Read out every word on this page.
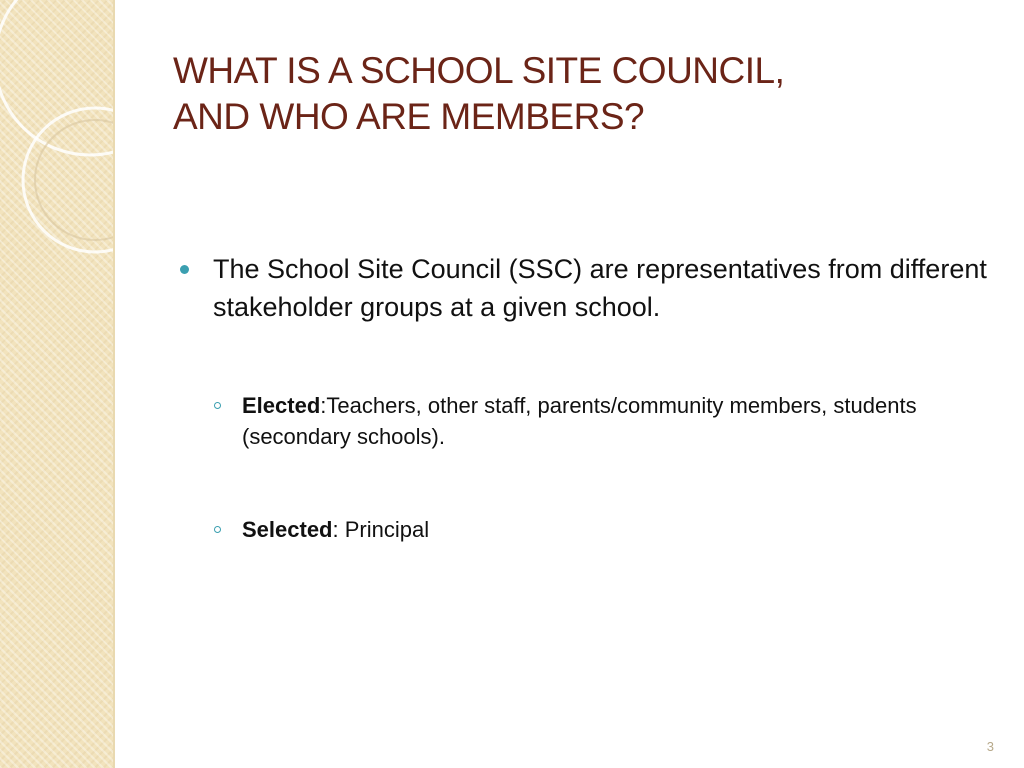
WHAT IS A SCHOOL SITE COUNCIL,
AND WHO ARE MEMBERS?
The School Site Council (SSC) are representatives from different stakeholder groups at a given school.
Elected:Teachers, other staff, parents/community members, students (secondary schools).
Selected: Principal
3
